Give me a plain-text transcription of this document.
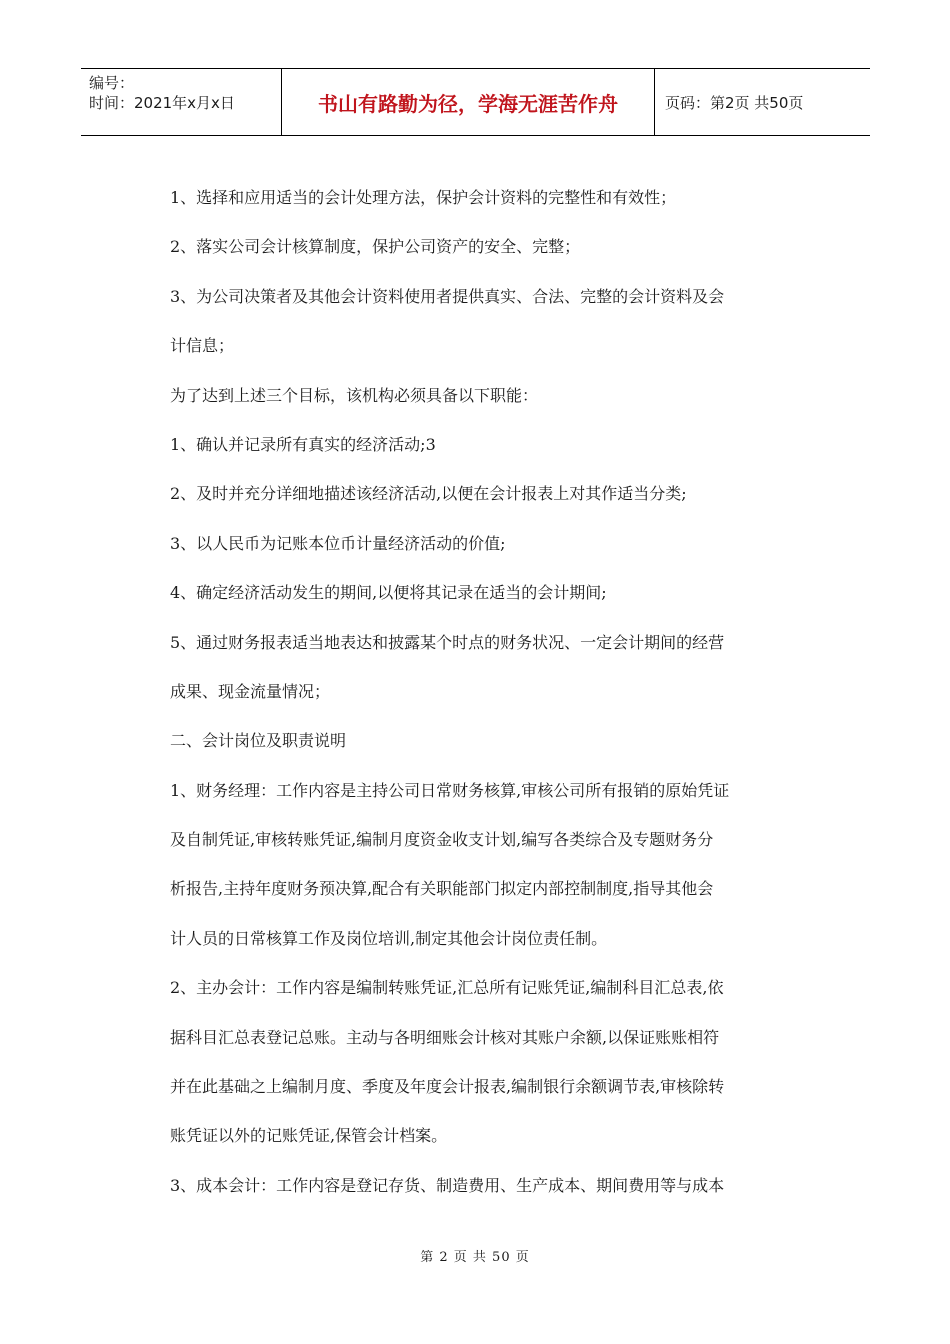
编号：
时间：2021年x月x日	书山有路勤为径，学海无涯苦作舟	页码：第2页 共50页

1、选择和应用适当的会计处理方法，保护会计资料的完整性和有效性；

2、落实公司会计核算制度，保护公司资产的安全、完整；

3、为公司决策者及其他会计资料使用者提供真实、合法、完整的会计资料及会

计信息；

为了达到上述三个目标，该机构必须具备以下职能：

1、确认并记录所有真实的经济活动;3

2、及时并充分详细地描述该经济活动,以便在会计报表上对其作适当分类;

3、以人民币为记账本位币计量经济活动的价值;

4、确定经济活动发生的期间,以便将其记录在适当的会计期间;

5、通过财务报表适当地表达和披露某个时点的财务状况、一定会计期间的经营

成果、现金流量情况；

二、会计岗位及职责说明

1、财务经理：工作内容是主持公司日常财务核算,审核公司所有报销的原始凭证

及自制凭证,审核转账凭证,编制月度资金收支计划,编写各类综合及专题财务分

析报告,主持年度财务预决算,配合有关职能部门拟定内部控制制度,指导其他会

计人员的日常核算工作及岗位培训,制定其他会计岗位责任制。

2、主办会计：工作内容是编制转账凭证,汇总所有记账凭证,编制科目汇总表,依

据科目汇总表登记总账。主动与各明细账会计核对其账户余额,以保证账账相符

并在此基础之上编制月度、季度及年度会计报表,编制银行余额调节表,审核除转

账凭证以外的记账凭证,保管会计档案。

3、成本会计：工作内容是登记存货、制造费用、生产成本、期间费用等与成本

第 2 页 共 50 页
